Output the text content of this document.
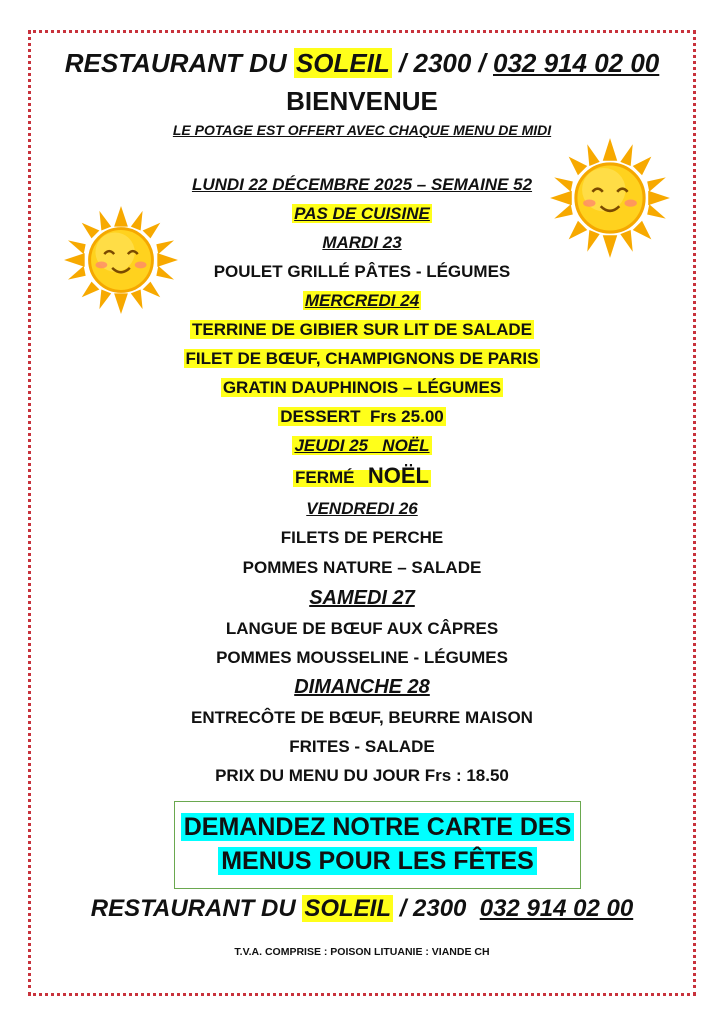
RESTAURANT DU SOLEIL / 2300 / 032 914 02 00
BIENVENUE
LE POTAGE EST OFFERT AVEC CHAQUE MENU DE MIDI
LUNDI 22 DÉCEMBRE 2025 – SEMAINE 52
PAS DE CUISINE
MARDI 23
POULET GRILLÉ PÂTES - LÉGUMES
MERCREDI 24
TERRINE DE GIBIER SUR LIT DE SALADE
FILET DE BŒUF, CHAMPIGNONS DE PARIS
GRATIN DAUPHINOIS – LÉGUMES
DESSERT  Frs 25.00
JEUDI 25   NOËL
FERMÉ NOËL
VENDREDI 26
FILETS DE PERCHE
POMMES NATURE – SALADE
SAMEDI 27
LANGUE DE BŒUF AUX CÂPRES
POMMES MOUSSELINE - LÉGUMES
DIMANCHE 28
ENTRECÔTE DE BŒUF, BEURRE MAISON
FRITES - SALADE
PRIX DU MENU DU JOUR Frs : 18.50
DEMANDEZ NOTRE CARTE DES
MENUS POUR LES FÊTES
RESTAURANT DU SOLEIL / 2300  032 914 02 00
T.V.A. COMPRISE : POISON LITUANIE : VIANDE CH
